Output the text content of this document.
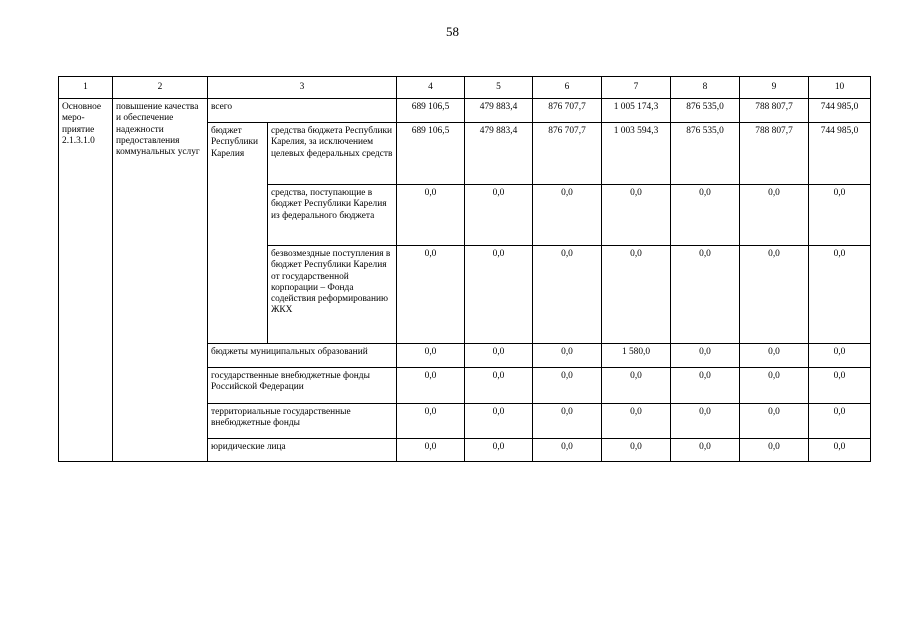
58
1	2	3		4	5	6	7	8	9	10
Основное меро-приятие 2.1.3.1.0	повышение качества и обеспечение надежности предоставления коммунальных услуг	всего		689 106,5	479 883,4	876 707,7	1 005 174,3	876 535,0	788 807,7	744 985,0
		бюджет Республики Карелия	средства бюджета Республики Карелия, за исключением целевых федеральных средств	689 106,5	479 883,4	876 707,7	1 003 594,3	876 535,0	788 807,7	744 985,0
			средства, поступающие в бюджет Республики Карелия из федерального бюджета	0,0	0,0	0,0	0,0	0,0	0,0	0,0
			безвозмездные поступления в бюджет Республики Карелия от государственной корпорации – Фонда содействия реформированию ЖКХ	0,0	0,0	0,0	0,0	0,0	0,0	0,0
		бюджеты муниципальных образований		0,0	0,0	0,0	1 580,0	0,0	0,0	0,0
		государственные внебюджетные фонды Российской Федерации		0,0	0,0	0,0	0,0	0,0	0,0	0,0
		территориальные государственные внебюджетные фонды		0,0	0,0	0,0	0,0	0,0	0,0	0,0
		юридические лица		0,0	0,0	0,0	0,0	0,0	0,0	0,0
